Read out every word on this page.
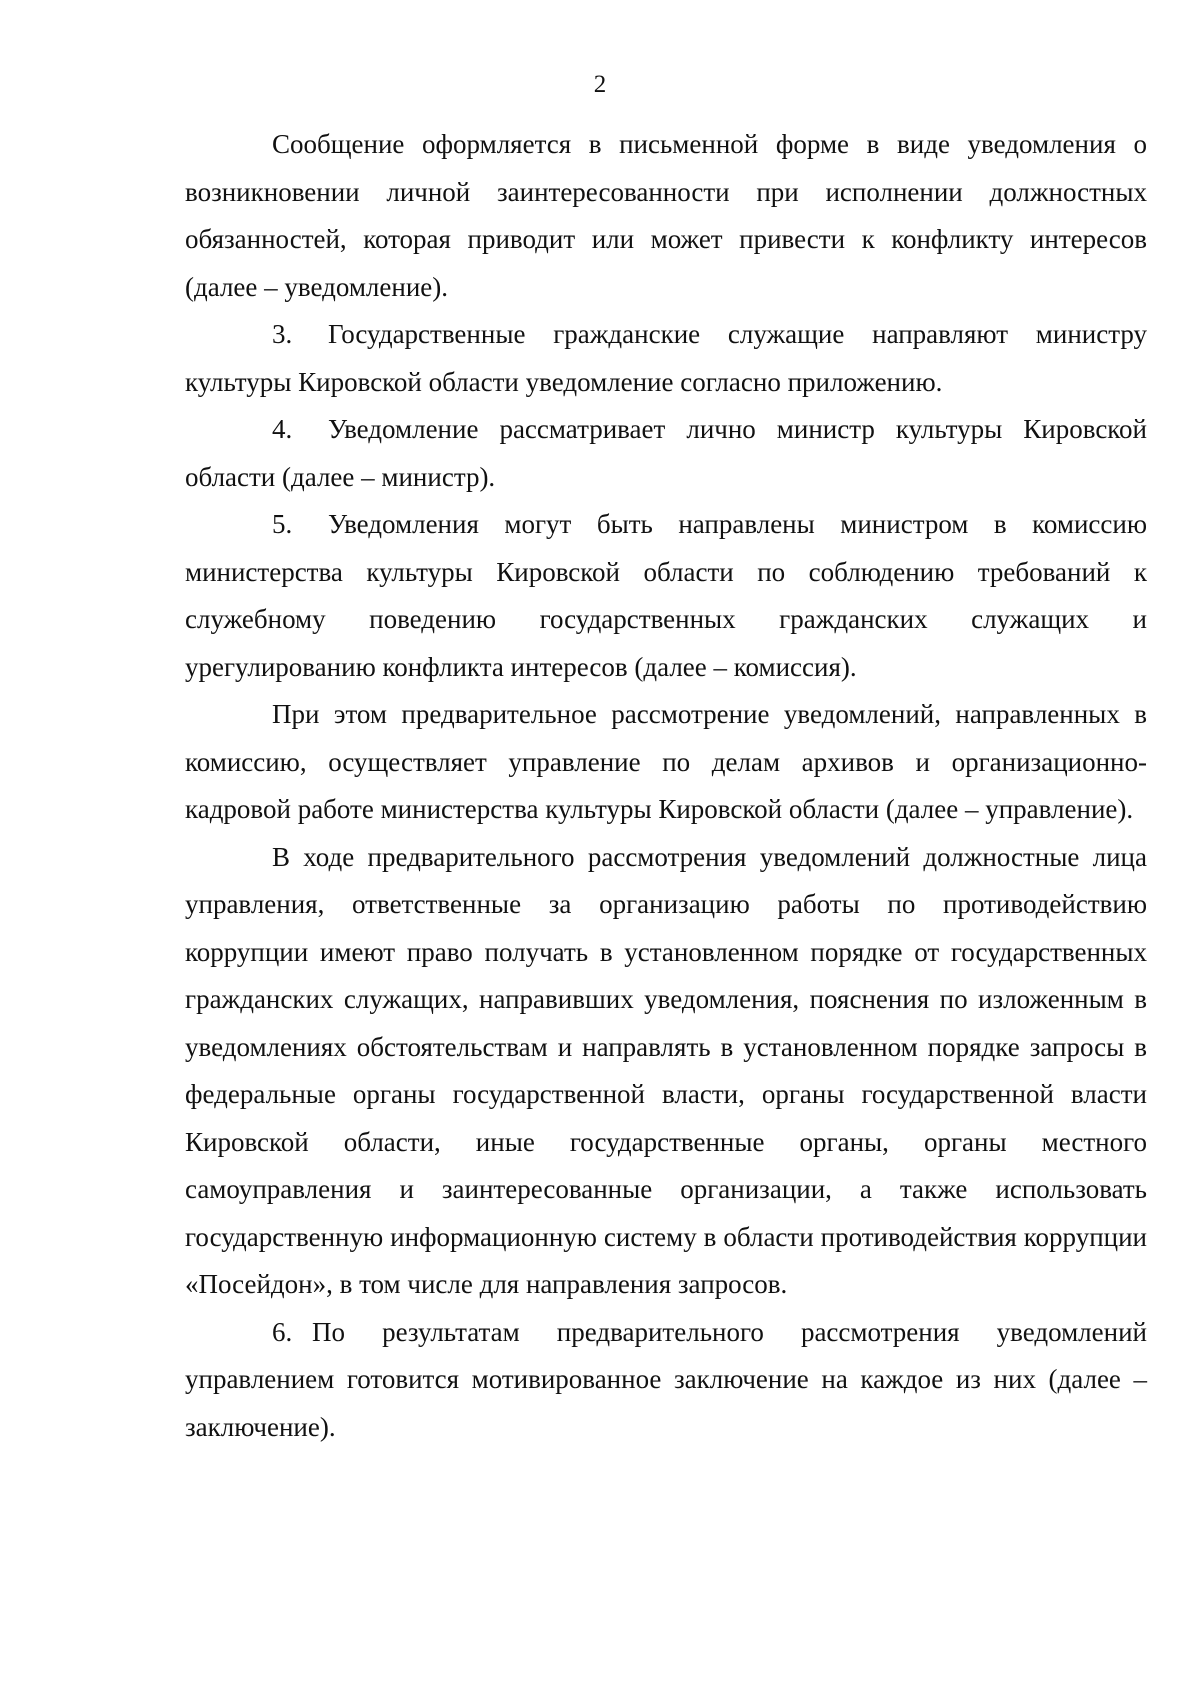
2

Сообщение оформляется в письменной форме в виде уведомления о возникновении личной заинтересованности при исполнении должностных обязанностей, которая приводит или может привести к конфликту интересов (далее – уведомление).

3. Государственные гражданские служащие направляют министру культуры Кировской области уведомление согласно приложению.

4. Уведомление рассматривает лично министр культуры Кировской области (далее – министр).

5. Уведомления могут быть направлены министром в комиссию министерства культуры Кировской области по соблюдению требований к служебному поведению государственных гражданских служащих и урегулированию конфликта интересов (далее – комиссия).

При этом предварительное рассмотрение уведомлений, направленных в комиссию, осуществляет управление по делам архивов и организационно-кадровой работе министерства культуры Кировской области (далее – управление).

В ходе предварительного рассмотрения уведомлений должностные лица управления, ответственные за организацию работы по противодействию коррупции имеют право получать в установленном порядке от государственных гражданских служащих, направивших уведомления, пояснения по изложенным в уведомлениях обстоятельствам и направлять в установленном порядке запросы в федеральные органы государственной власти, органы государственной власти Кировской области, иные государственные органы, органы местного самоуправления и заинтересованные организации, а также использовать государственную информационную систему в области противодействия коррупции «Посейдон», в том числе для направления запросов.

6. По результатам предварительного рассмотрения уведомлений управлением готовится мотивированное заключение на каждое из них (далее – заключение).
